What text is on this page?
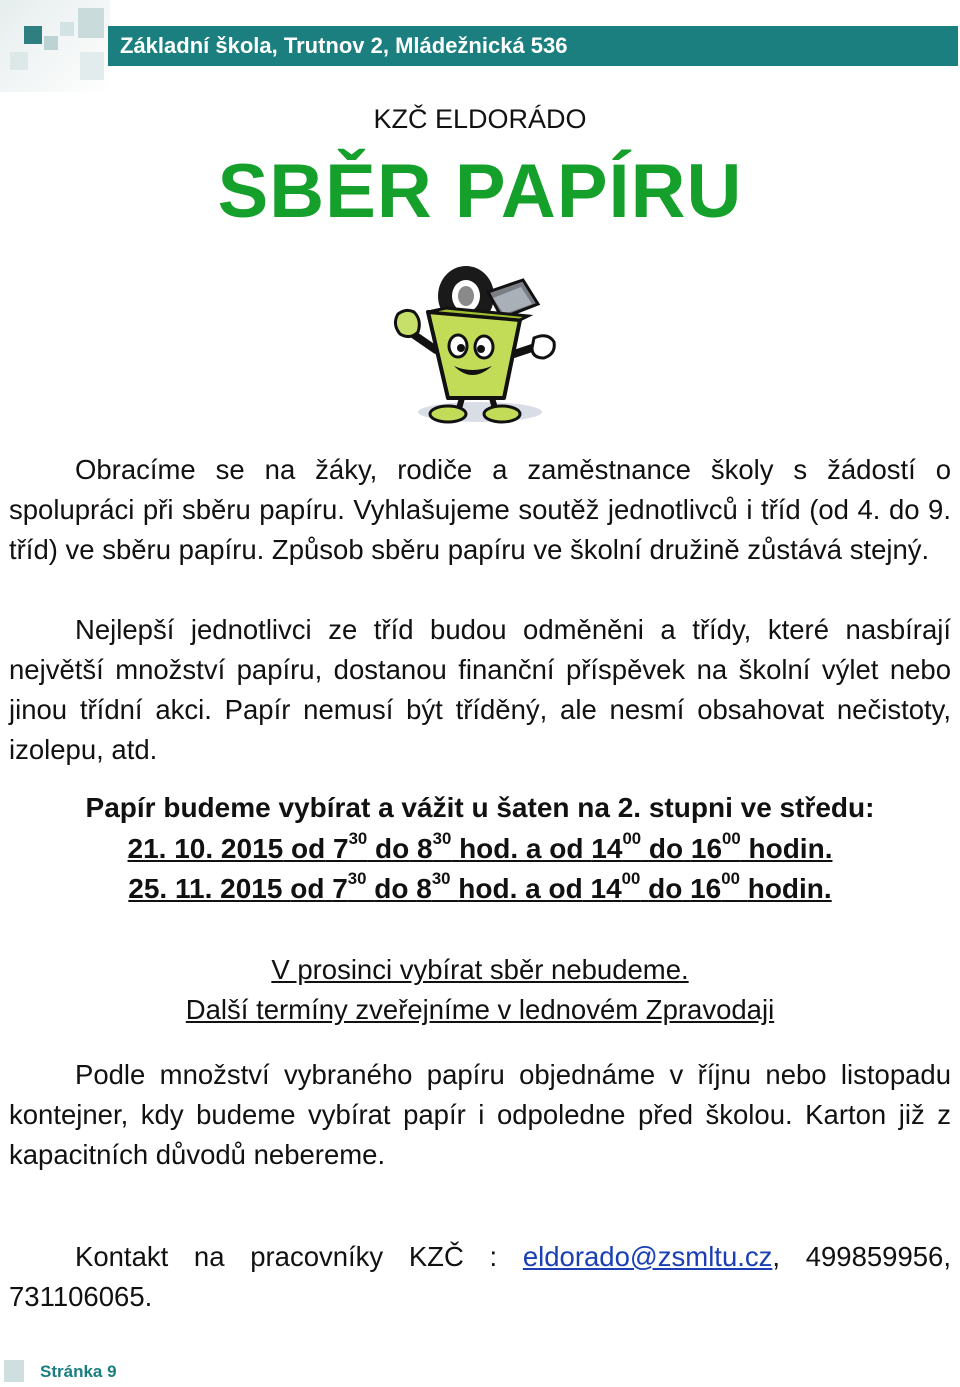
Základní škola, Trutnov 2, Mládežnická 536
KZČ ELDORÁDO
SBĚR PAPÍRU
Obracíme se na žáky, rodiče a zaměstnance školy s žádostí o spolupráci při sběru papíru. Vyhlašujeme soutěž jednotlivců i tříd (od 4. do 9. tříd) ve sběru papíru. Způsob sběru papíru ve školní družině zůstává stejný.
Nejlepší jednotlivci ze tříd budou odměněni a třídy, které nasbírají největší množství papíru, dostanou finanční příspěvek na školní výlet nebo jinou třídní akci. Papír nemusí být tříděný, ale nesmí obsahovat nečistoty, izolepu, atd.
Papír budeme vybírat a vážit u šaten na 2. stupni ve středu:
21. 10. 2015 od $7^{30}$ do $8^{30}$ hod. a od $14^{00}$ do $16^{00}$ hodin.
25. 11. 2015 od $7^{30}$ do $8^{30}$ hod. a od $14^{00}$ do $16^{00}$ hodin.
V prosinci vybírat sběr nebudeme.
Další termíny zveřejníme v lednovém Zpravodaji
Podle množství vybraného papíru objednáme v říjnu nebo listopadu kontejner, kdy budeme vybírat papír i odpoledne před školou. Karton již z kapacitních důvodů nebereme.
Kontakt na pracovníky KZČ : eldorado@zsmltu.cz, 499859956, 731106065.
Stránka 9
